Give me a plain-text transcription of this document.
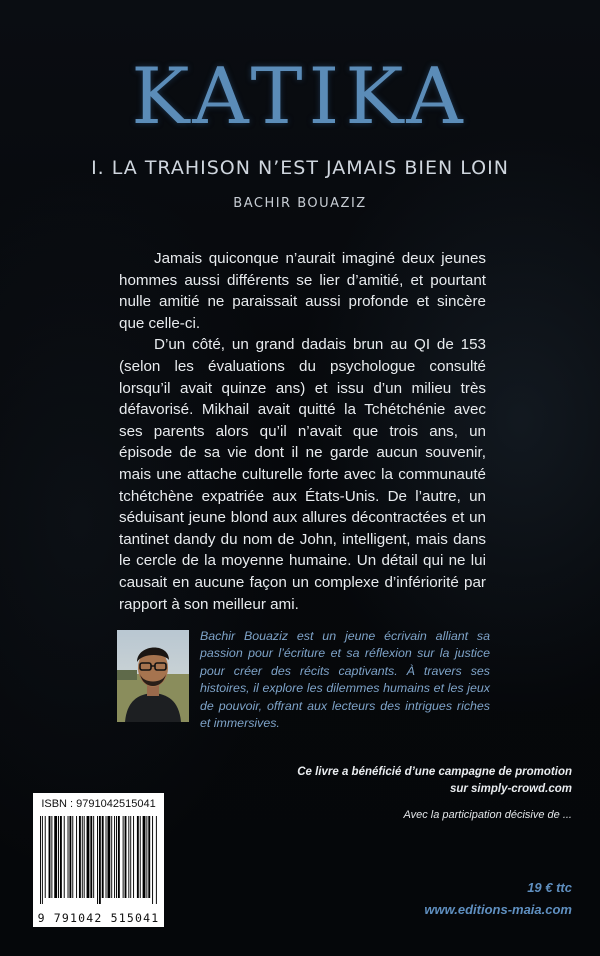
KATIKA
I. LA TRAHISON N’EST JAMAIS BIEN LOIN
BACHIR BOUAZIZ

Jamais quiconque n’aurait imaginé deux jeunes hommes aussi différents se lier d’amitié, et pourtant nulle amitié ne paraissait aussi profonde et sincère que celle-ci.

D’un côté, un grand dadais brun au QI de 153 (selon les évaluations du psychologue consulté lorsqu’il avait quinze ans) et issu d’un milieu très défavorisé. Mikhail avait quitté la Tchétchénie avec ses parents alors qu’il n’avait que trois ans, un épisode de sa vie dont il ne garde aucun souvenir, mais une attache culturelle forte avec la communauté tchétchène expatriée aux États-Unis. De l’autre, un séduisant jeune blond aux allures décontractées et un tantinet dandy du nom de John, intelligent, mais dans le cercle de la moyenne humaine. Un détail qui ne lui causait en aucune façon un complexe d’infériorité par rapport à son meilleur ami.

Bachir Bouaziz est un jeune écrivain alliant sa passion pour l’écriture et sa réflexion sur la justice pour créer des récits captivants. À travers ses histoires, il explore les dilemmes humains et les jeux de pouvoir, offrant aux lecteurs des intrigues riches et immersives.
Ce livre a bénéficié d’une campagne de promotion
sur simply-crowd.com
Avec la participation décisive de ...
ISBN : 9791042515041
9 791042 515041
19 € ttc
www.editions-maia.com
